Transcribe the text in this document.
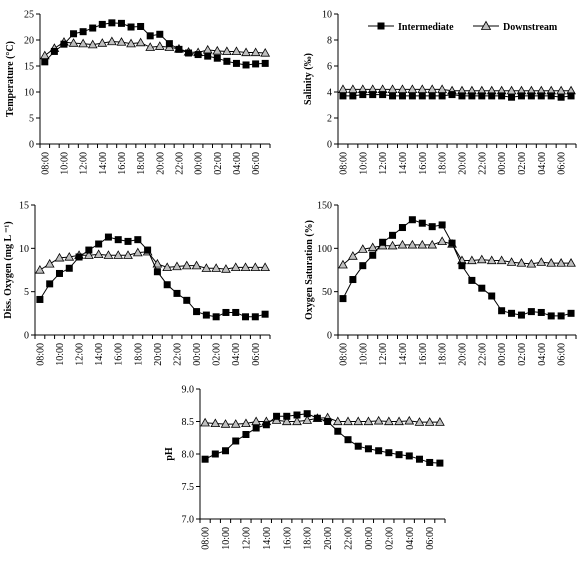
0
5
10
15
20
25
08:00 10:00 12:00 14:00 16:00 18:00 20:00 22:00 00:00 02:00 04:00 06:00
Temperature (°C)
0
2
4
6
8
10
08:00 10:00 12:00 14:00 16:00 18:00 20:00 22:00 00:00 02:00 04:00 06:00
Salinity (‰)
0
5
10
15
08:00 10:00 12:00 14:00 16:00 18:00 20:00 22:00 00:00 02:00 04:00 06:00
Diss. Oxygen (mg L ⁻¹)
0
50
100
150
08:00 10:00 12:00 14:00 16:00 18:00 20:00 22:00 00:00 02:00 04:00 06:00
Oxygen Saturation (%)
7.0
7.5
8.0
8.5
9.0
08:00 10:00 12:00 14:00 16:00 18:00 20:00 22:00 00:00 02:00 04:00 06:00
pH
Intermediate	Downstream
